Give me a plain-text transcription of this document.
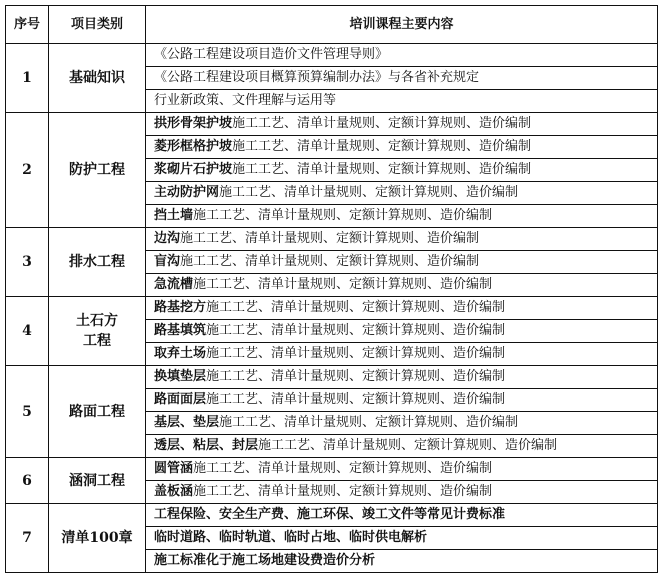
序号	项目类别	培训课程主要内容
1	基础知识	《公路工程建设项目造价文件管理导则》
		《公路工程建设项目概算预算编制办法》与各省补充规定
		行业新政策、文件理解与运用等
2	防护工程	拱形骨架护坡施工工艺、清单计量规则、定额计算规则、造价编制
		菱形框格护坡施工工艺、清单计量规则、定额计算规则、造价编制
		浆砌片石护坡施工工艺、清单计量规则、定额计算规则、造价编制
		主动防护网施工工艺、清单计量规则、定额计算规则、造价编制
		挡土墙施工工艺、清单计量规则、定额计算规则、造价编制
3	排水工程	边沟施工工艺、清单计量规则、定额计算规则、造价编制
		盲沟施工工艺、清单计量规则、定额计算规则、造价编制
		急流槽施工工艺、清单计量规则、定额计算规则、造价编制
4	土石方工程	路基挖方施工工艺、清单计量规则、定额计算规则、造价编制
		路基填筑施工工艺、清单计量规则、定额计算规则、造价编制
		取弃土场施工工艺、清单计量规则、定额计算规则、造价编制
5	路面工程	换填垫层施工工艺、清单计量规则、定额计算规则、造价编制
		路面面层施工工艺、清单计量规则、定额计算规则、造价编制
		基层、垫层施工工艺、清单计量规则、定额计算规则、造价编制
		透层、粘层、封层施工工艺、清单计量规则、定额计算规则、造价编制
6	涵洞工程	圆管涵施工工艺、清单计量规则、定额计算规则、造价编制
		盖板涵施工工艺、清单计量规则、定额计算规则、造价编制
7	清单100章	工程保险、安全生产费、施工环保、竣工文件等常见计费标准
		临时道路、临时轨道、临时占地、临时供电解析
		施工标准化于施工场地建设费造价分析
